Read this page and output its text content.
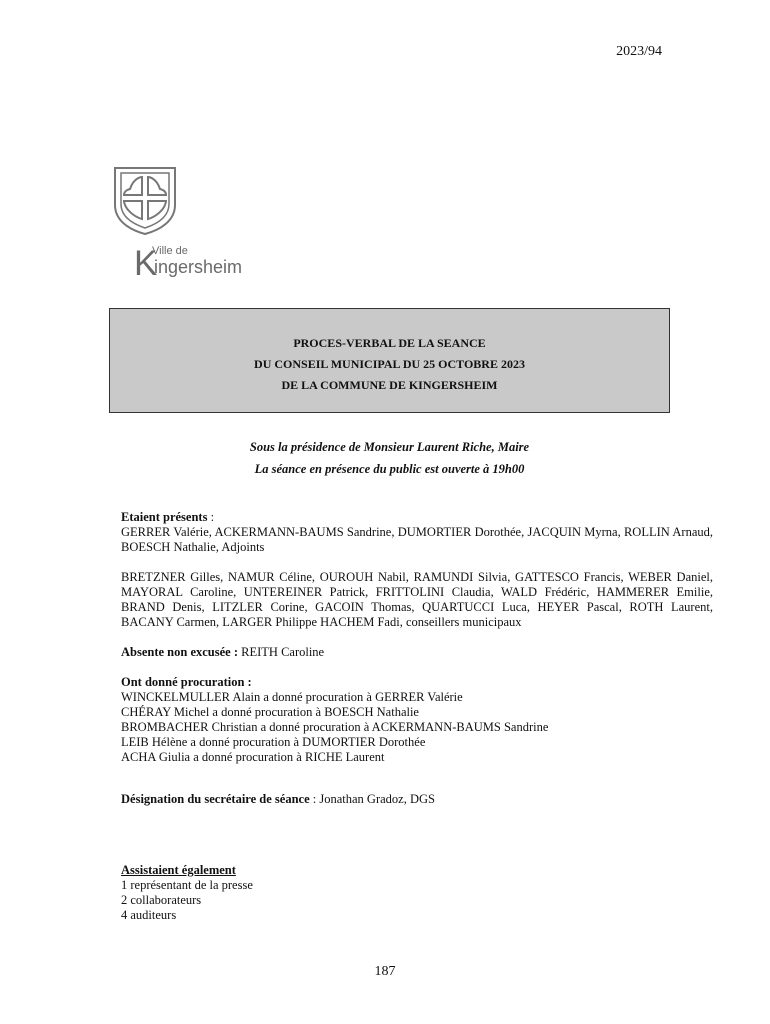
2023/94
K
Ville de
ingersheim
PROCES-VERBAL DE LA SEANCE
DU CONSEIL MUNICIPAL DU 25 OCTOBRE 2023
DE LA COMMUNE DE KINGERSHEIM
Sous la présidence de Monsieur Laurent Riche, Maire
La séance en présence du public est ouverte à 19h00

Etaient présents :

GERRER Valérie, ACKERMANN-BAUMS Sandrine, DUMORTIER Dorothée, JACQUIN Myrna, ROLLIN Arnaud, BOESCH Nathalie, Adjoints

BRETZNER Gilles, NAMUR Céline, OUROUH Nabil, RAMUNDI Silvia, GATTESCO Francis, WEBER Daniel, MAYORAL Caroline, UNTEREINER Patrick, FRITTOLINI Claudia, WALD Frédéric, HAMMERER Emilie, BRAND Denis, LITZLER Corine, GACOIN Thomas, QUARTUCCI Luca, HEYER Pascal, ROTH Laurent, BACANY Carmen, LARGER Philippe HACHEM Fadi, conseillers municipaux

Absente non excusée : REITH Caroline

Ont donné procuration :

WINCKELMULLER Alain a donné procuration à GERRER Valérie
CHÉRAY Michel a donné procuration à BOESCH Nathalie
BROMBACHER Christian a donné procuration à ACKERMANN-BAUMS Sandrine
LEIB Hélène a donné procuration à DUMORTIER Dorothée
ACHA Giulia a donné procuration à RICHE Laurent

Désignation du secrétaire de séance : Jonathan Gradoz, DGS

Assistaient également

1 représentant de la presse
2 collaborateurs
4 auditeurs
187
